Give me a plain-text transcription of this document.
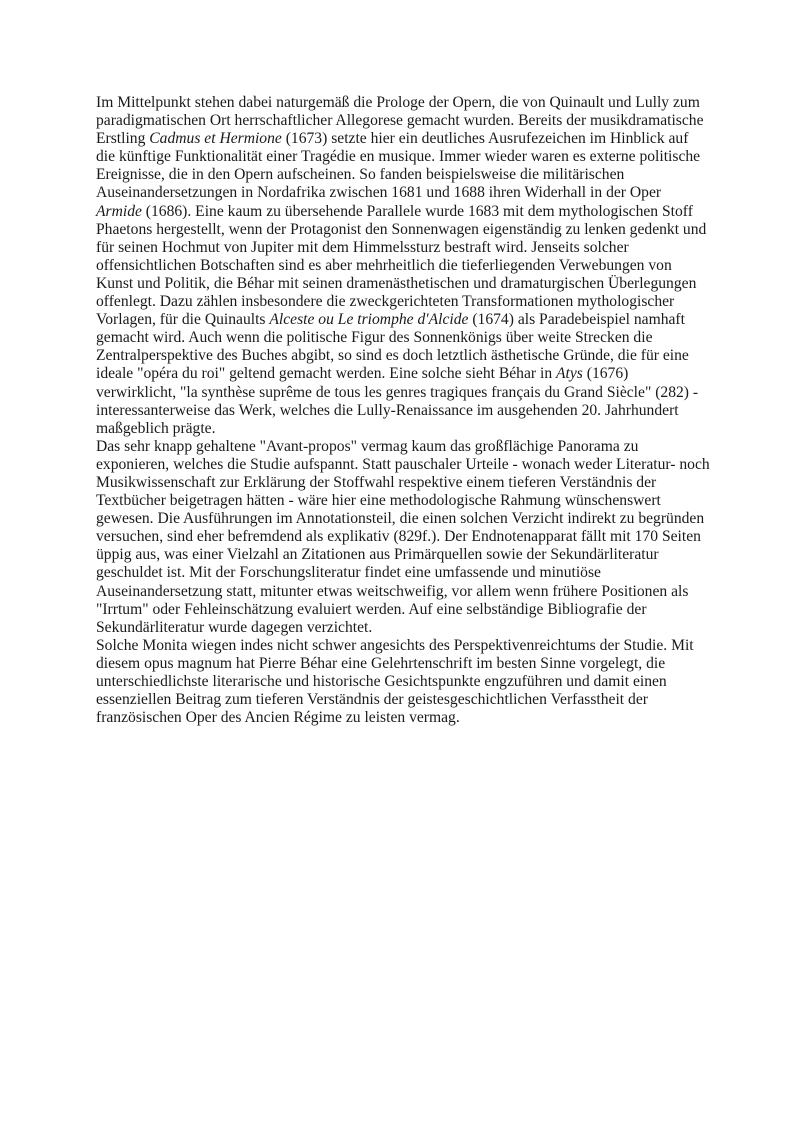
Im Mittelpunkt stehen dabei naturgemäß die Prologe der Opern, die von Quinault und Lully zum paradigmatischen Ort herrschaftlicher Allegorese gemacht wurden. Bereits der musikdramatische Erstling Cadmus et Hermione (1673) setzte hier ein deutliches Ausrufezeichen im Hinblick auf die künftige Funktionalität einer Tragédie en musique. Immer wieder waren es externe politische Ereignisse, die in den Opern aufscheinen. So fanden beispielsweise die militärischen Auseinandersetzungen in Nordafrika zwischen 1681 und 1688 ihren Widerhall in der Oper Armide (1686). Eine kaum zu übersehende Parallele wurde 1683 mit dem mythologischen Stoff Phaetons hergestellt, wenn der Protagonist den Sonnenwagen eigenständig zu lenken gedenkt und für seinen Hochmut von Jupiter mit dem Himmelssturz bestraft wird. Jenseits solcher offensichtlichen Botschaften sind es aber mehrheitlich die tieferliegenden Verwebungen von Kunst und Politik, die Béhar mit seinen dramenästhetischen und dramaturgischen Überlegungen offenlegt. Dazu zählen insbesondere die zweckgerichteten Transformationen mythologischer Vorlagen, für die Quinaults Alceste ou Le triomphe d'Alcide (1674) als Paradebeispiel namhaft gemacht wird. Auch wenn die politische Figur des Sonnenkönigs über weite Strecken die Zentralperspektive des Buches abgibt, so sind es doch letztlich ästhetische Gründe, die für eine ideale "opéra du roi" geltend gemacht werden. Eine solche sieht Béhar in Atys (1676) verwirklicht, "la synthèse suprême de tous les genres tragiques français du Grand Siècle" (282) - interessanterweise das Werk, welches die Lully-Renaissance im ausgehenden 20. Jahrhundert maßgeblich prägte.

Das sehr knapp gehaltene "Avant-propos" vermag kaum das großflächige Panorama zu exponieren, welches die Studie aufspannt. Statt pauschaler Urteile - wonach weder Literatur- noch Musikwissenschaft zur Erklärung der Stoffwahl respektive einem tieferen Verständnis der Textbücher beigetragen hätten - wäre hier eine methodologische Rahmung wünschenswert gewesen. Die Ausführungen im Annotationsteil, die einen solchen Verzicht indirekt zu begründen versuchen, sind eher befremdend als explikativ (829f.). Der Endnotenapparat fällt mit 170 Seiten üppig aus, was einer Vielzahl an Zitationen aus Primärquellen sowie der Sekundärliteratur geschuldet ist. Mit der Forschungsliteratur findet eine umfassende und minutiöse Auseinandersetzung statt, mitunter etwas weitschweifig, vor allem wenn frühere Positionen als "Irrtum" oder Fehleinschätzung evaluiert werden. Auf eine selbständige Bibliografie der Sekundärliteratur wurde dagegen verzichtet.

Solche Monita wiegen indes nicht schwer angesichts des Perspektivenreichtums der Studie. Mit diesem opus magnum hat Pierre Béhar eine Gelehrtenschrift im besten Sinne vorgelegt, die unterschiedlichste literarische und historische Gesichtspunkte engzuführen und damit einen essenziellen Beitrag zum tieferen Verständnis der geistesgeschichtlichen Verfasstheit der französischen Oper des Ancien Régime zu leisten vermag.
